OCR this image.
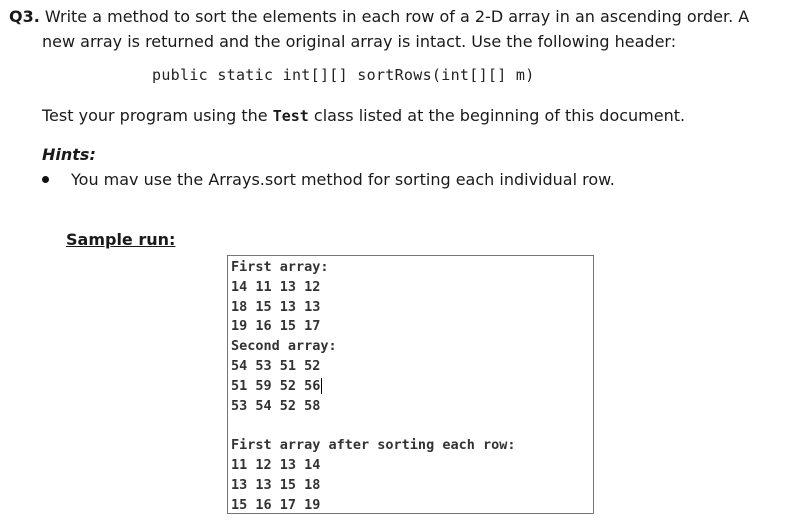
Q3. Write a method to sort the elements in each row of a 2-D array in an ascending order. A
new array is returned and the original array is intact. Use the following header:
public static int[][] sortRows(int[][] m)
Test your program using the Test class listed at the beginning of this document.
Hints:
You mav use the Arrays.sort method for sorting each individual row.
Sample run:
First array:
14 11 13 12
18 15 13 13
19 16 15 17
Second array:
54 53 51 52
51 59 52 56
53 54 52 58
First array after sorting each row:
11 12 13 14
13 13 15 18
15 16 17 19
